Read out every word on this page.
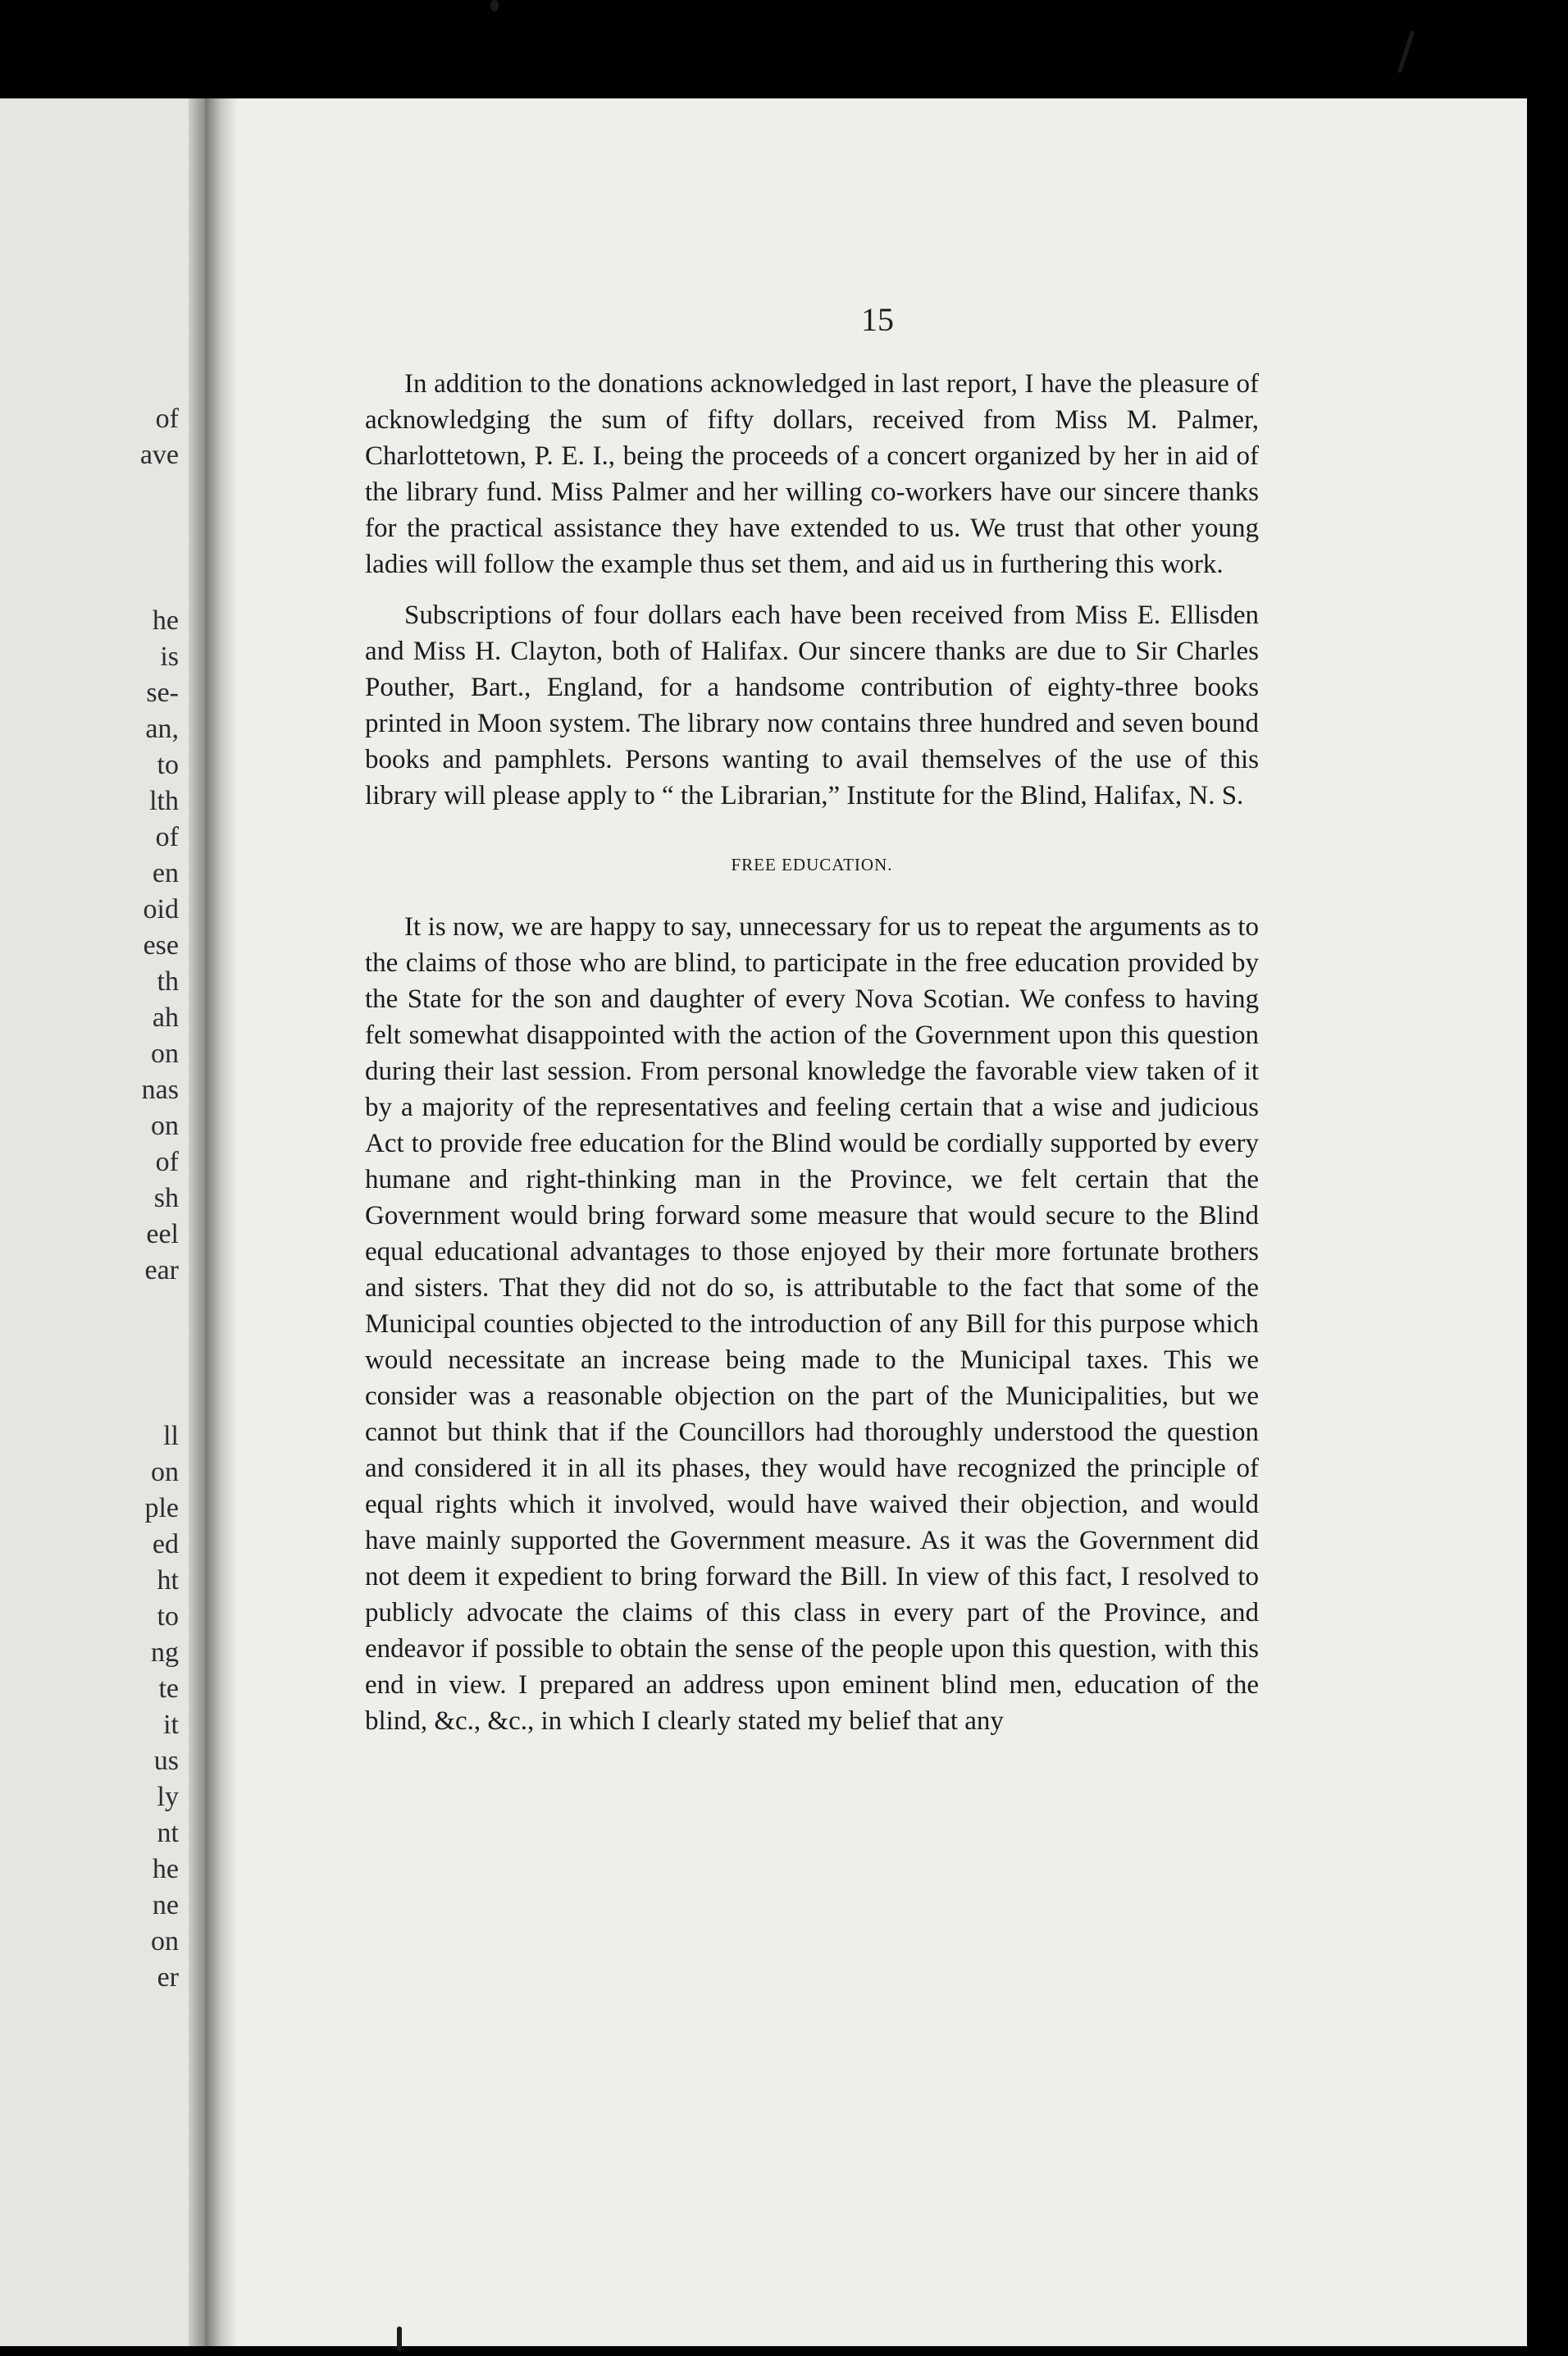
of
ave
he
is
se-
an,
to
lth
of
en
oid
ese
th
ah
on
nas
on
of
sh
eel
ear
ll
on
ple
ed
ht
to
ng
te
it
us
ly
nt
he
ne
on
er
15

In addition to the donations acknowledged in last report, I have the pleasure of acknowledging the sum of fifty dollars, received from Miss M. Palmer, Charlottetown, P. E. I., being the proceeds of a concert organized by her in aid of the library fund. Miss Palmer and her willing co-workers have our sincere thanks for the practical assistance they have extended to us. We trust that other young ladies will follow the example thus set them, and aid us in furthering this work.

Subscriptions of four dollars each have been received from Miss E. Ellisden and Miss H. Clayton, both of Halifax. Our sincere thanks are due to Sir Charles Pouther, Bart., England, for a handsome contribution of eighty-three books printed in Moon system. The library now contains three hundred and seven bound books and pamphlets. Persons wanting to avail themselves of the use of this library will please apply to “ the Librarian,” Institute for the Blind, Halifax, N. S.

FREE EDUCATION.

It is now, we are happy to say, unnecessary for us to repeat the arguments as to the claims of those who are blind, to participate in the free education provided by the State for the son and daughter of every Nova Scotian. We confess to having felt somewhat disappointed with the action of the Government upon this question during their last session. From personal knowledge the favorable view taken of it by a majority of the representatives and feeling certain that a wise and judicious Act to provide free education for the Blind would be cordially supported by every humane and right-thinking man in the Province, we felt certain that the Government would bring forward some measure that would secure to the Blind equal educational advantages to those enjoyed by their more fortunate brothers and sisters. That they did not do so, is attributable to the fact that some of the Municipal counties objected to the introduction of any Bill for this purpose which would necessitate an increase being made to the Municipal taxes. This we consider was a reasonable objection on the part of the Municipalities, but we cannot but think that if the Councillors had thoroughly understood the question and considered it in all its phases, they would have recognized the principle of equal rights which it involved, would have waived their objection, and would have mainly supported the Government measure. As it was the Government did not deem it expedient to bring forward the Bill. In view of this fact, I resolved to publicly advocate the claims of this class in every part of the Province, and endeavor if possible to obtain the sense of the people upon this question, with this end in view. I prepared an address upon eminent blind men, education of the blind, &c., &c., in which I clearly stated my belief that any
